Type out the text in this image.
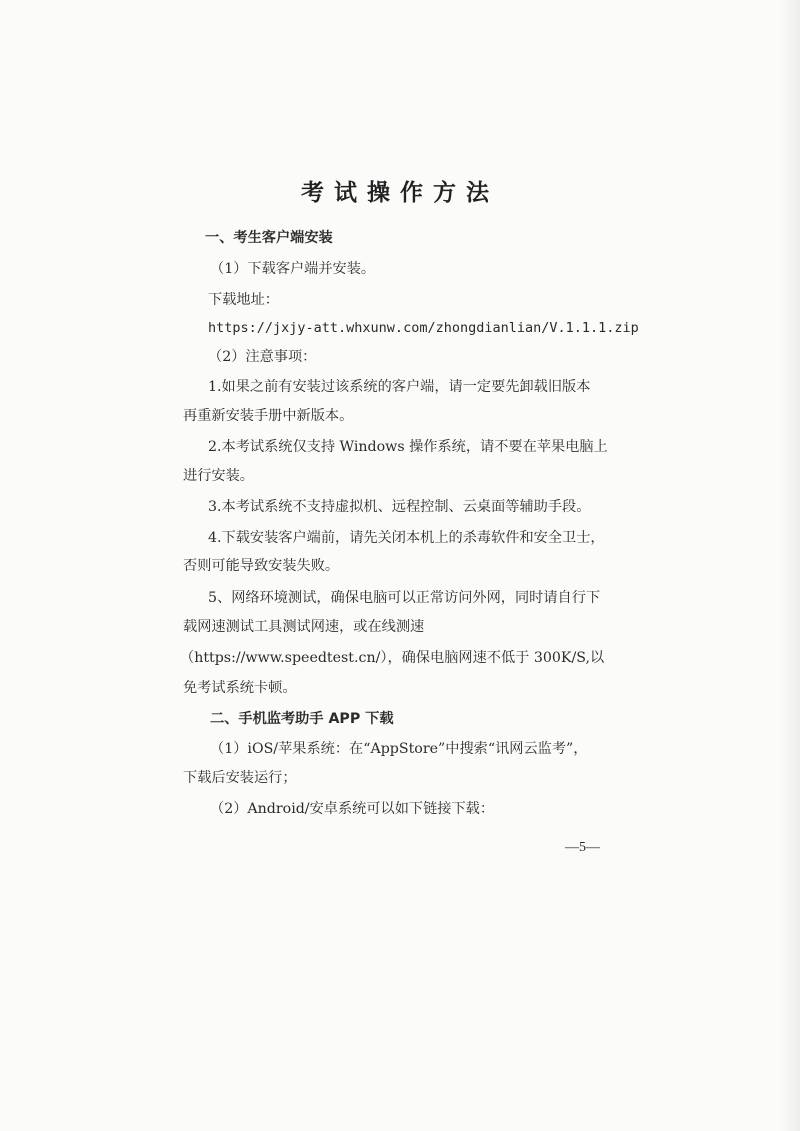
考试操作方法
一、考生客户端安装
（1）下载客户端并安装。
下载地址：
https://jxjy-att.whxunw.com/zhongdianlian/V.1.1.1.zip
（2）注意事项：
1.如果之前有安装过该系统的客户端，请一定要先卸载旧版本
再重新安装手册中新版本。
2.本考试系统仅支持 Windows 操作系统，请不要在苹果电脑上
进行安装。
3.本考试系统不支持虚拟机、远程控制、云桌面等辅助手段。
4.下载安装客户端前，请先关闭本机上的杀毒软件和安全卫士，
否则可能导致安装失败。
5、网络环境测试，确保电脑可以正常访问外网，同时请自行下
载网速测试工具测试网速，或在线测速
（https://www.speedtest.cn/），确保电脑网速不低于 300K/S,以
免考试系统卡顿。
二、手机监考助手 APP 下载
（1）iOS/苹果系统：在“AppStore”中搜索“讯网云监考”，
下载后安装运行；
（2）Android/安卓系统可以如下链接下载：
—5—
